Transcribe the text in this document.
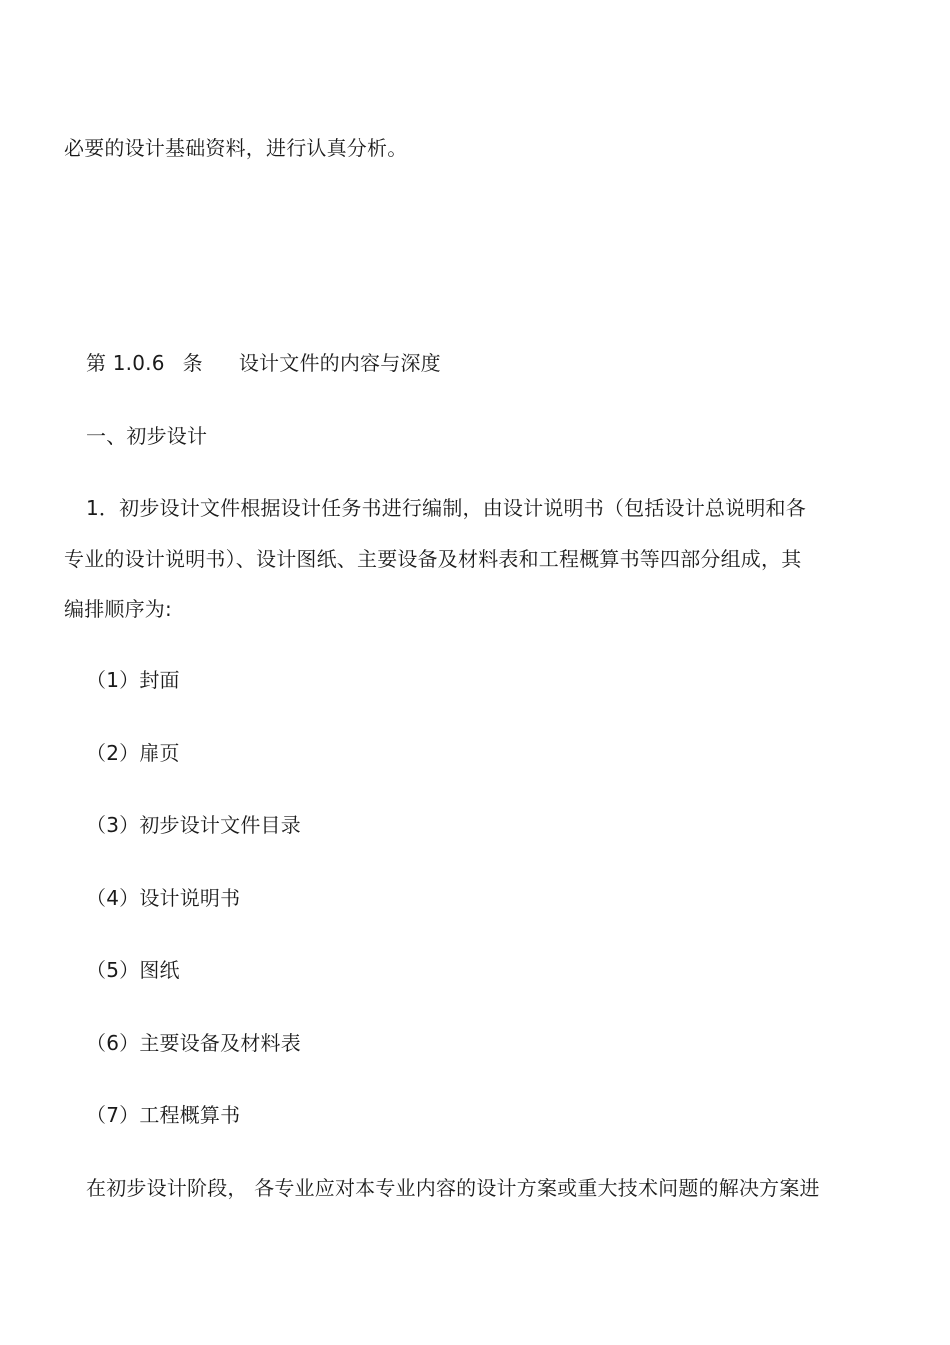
必要的设计基础资料，进行认真分析。
第 1.0.6 条 设计文件的内容与深度
一、初步设计
1．初步设计文件根据设计任务书进行编制，由设计说明书（包括设计总说明和各
专业的设计说明书）、设计图纸、主要设备及材料表和工程概算书等四部分组成，其
编排顺序为:
（1）封面
（2）扉页
（3）初步设计文件目录
（4）设计说明书
（5）图纸
（6）主要设备及材料表
（7）工程概算书
在初步设计阶段， 各专业应对本专业内容的设计方案或重大技术问题的解决方案进
